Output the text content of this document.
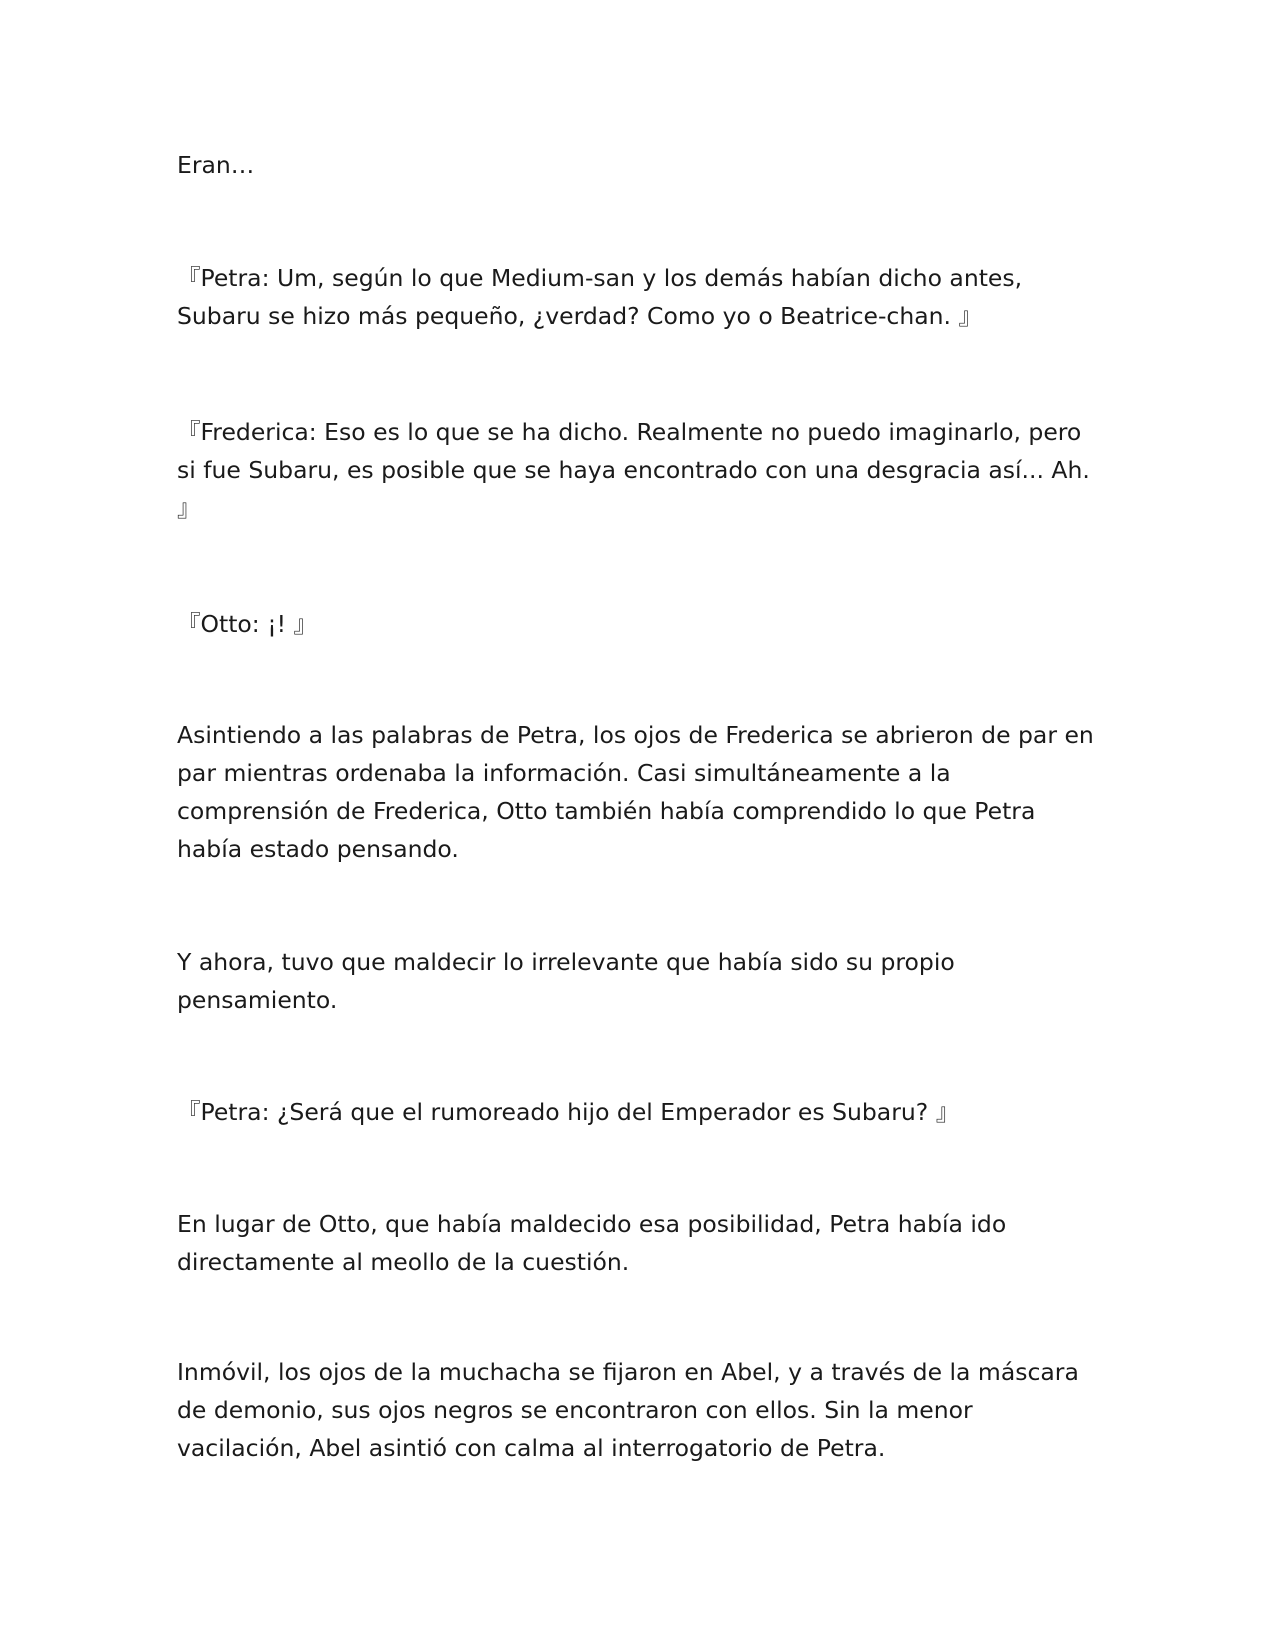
Eran…

『Petra: Um, según lo que Medium-san y los demás habían dicho antes, Subaru se hizo más pequeño, ¿verdad? Como yo o Beatrice-chan. 』

『Frederica: Eso es lo que se ha dicho. Realmente no puedo imaginarlo, pero si fue Subaru, es posible que se haya encontrado con una desgracia así... Ah. 』

『Otto: ¡! 』

Asintiendo a las palabras de Petra, los ojos de Frederica se abrieron de par en par mientras ordenaba la información. Casi simultáneamente a la comprensión de Frederica, Otto también había comprendido lo que Petra había estado pensando.

Y ahora, tuvo que maldecir lo irrelevante que había sido su propio pensamiento.

『Petra: ¿Será que el rumoreado hijo del Emperador es Subaru? 』

En lugar de Otto, que había maldecido esa posibilidad, Petra había ido directamente al meollo de la cuestión.

Inmóvil, los ojos de la muchacha se fijaron en Abel, y a través de la máscara de demonio, sus ojos negros se encontraron con ellos. Sin la menor vacilación, Abel asintió con calma al interrogatorio de Petra.
